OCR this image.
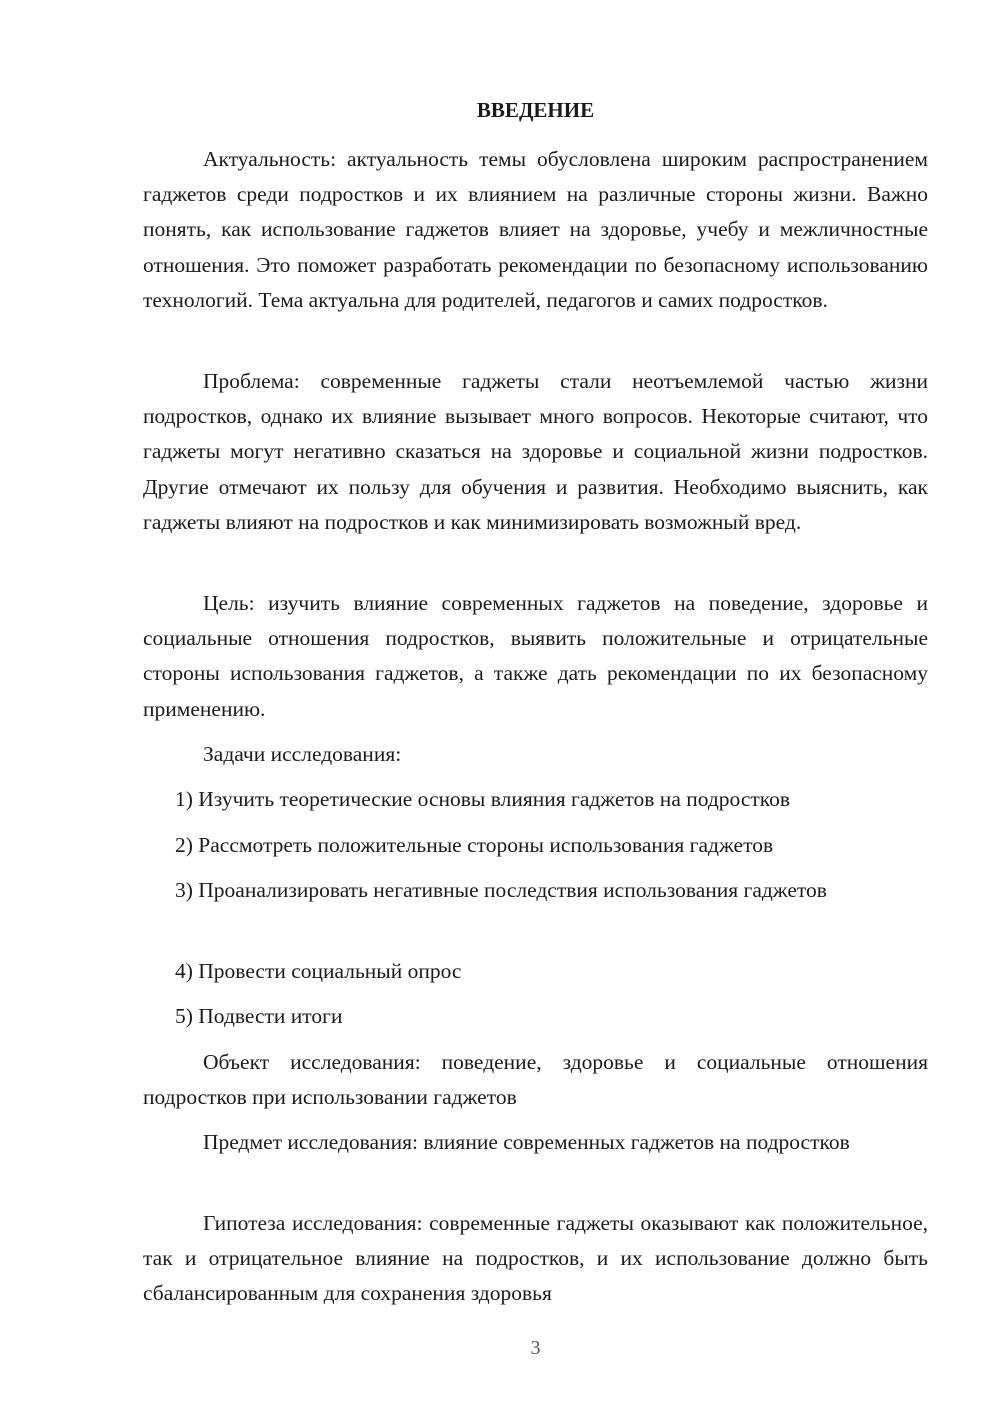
ВВЕДЕНИЕ

Актуальность: актуальность темы обусловлена широким распространением гаджетов среди подростков и их влиянием на различные стороны жизни. Важно понять, как использование гаджетов влияет на здоровье, учебу и межличностные отношения. Это поможет разработать рекомендации по безопасному использованию технологий. Тема актуальна для родителей, педагогов и самих подростков.

Проблема: современные гаджеты стали неотъемлемой частью жизни подростков, однако их влияние вызывает много вопросов. Некоторые считают, что гаджеты могут негативно сказаться на здоровье и социальной жизни подростков. Другие отмечают их пользу для обучения и развития. Необходимо выяснить, как гаджеты влияют на подростков и как минимизировать возможный вред.

Цель: изучить влияние современных гаджетов на поведение, здоровье и социальные отношения подростков, выявить положительные и отрицательные стороны использования гаджетов, а также дать рекомендации по их безопасному применению.

Задачи исследования:

1) Изучить теоретические основы влияния гаджетов на подростков

2) Рассмотреть положительные стороны использования гаджетов

3) Проанализировать негативные последствия использования гаджетов

4) Провести социальный опрос

5) Подвести итоги

Объект исследования: поведение, здоровье и социальные отношения подростков при использовании гаджетов

Предмет исследования: влияние современных гаджетов на подростков

Гипотеза исследования: современные гаджеты оказывают как положительное, так и отрицательное влияние на подростков, и их использование должно быть сбалансированным для сохранения здоровья

3
